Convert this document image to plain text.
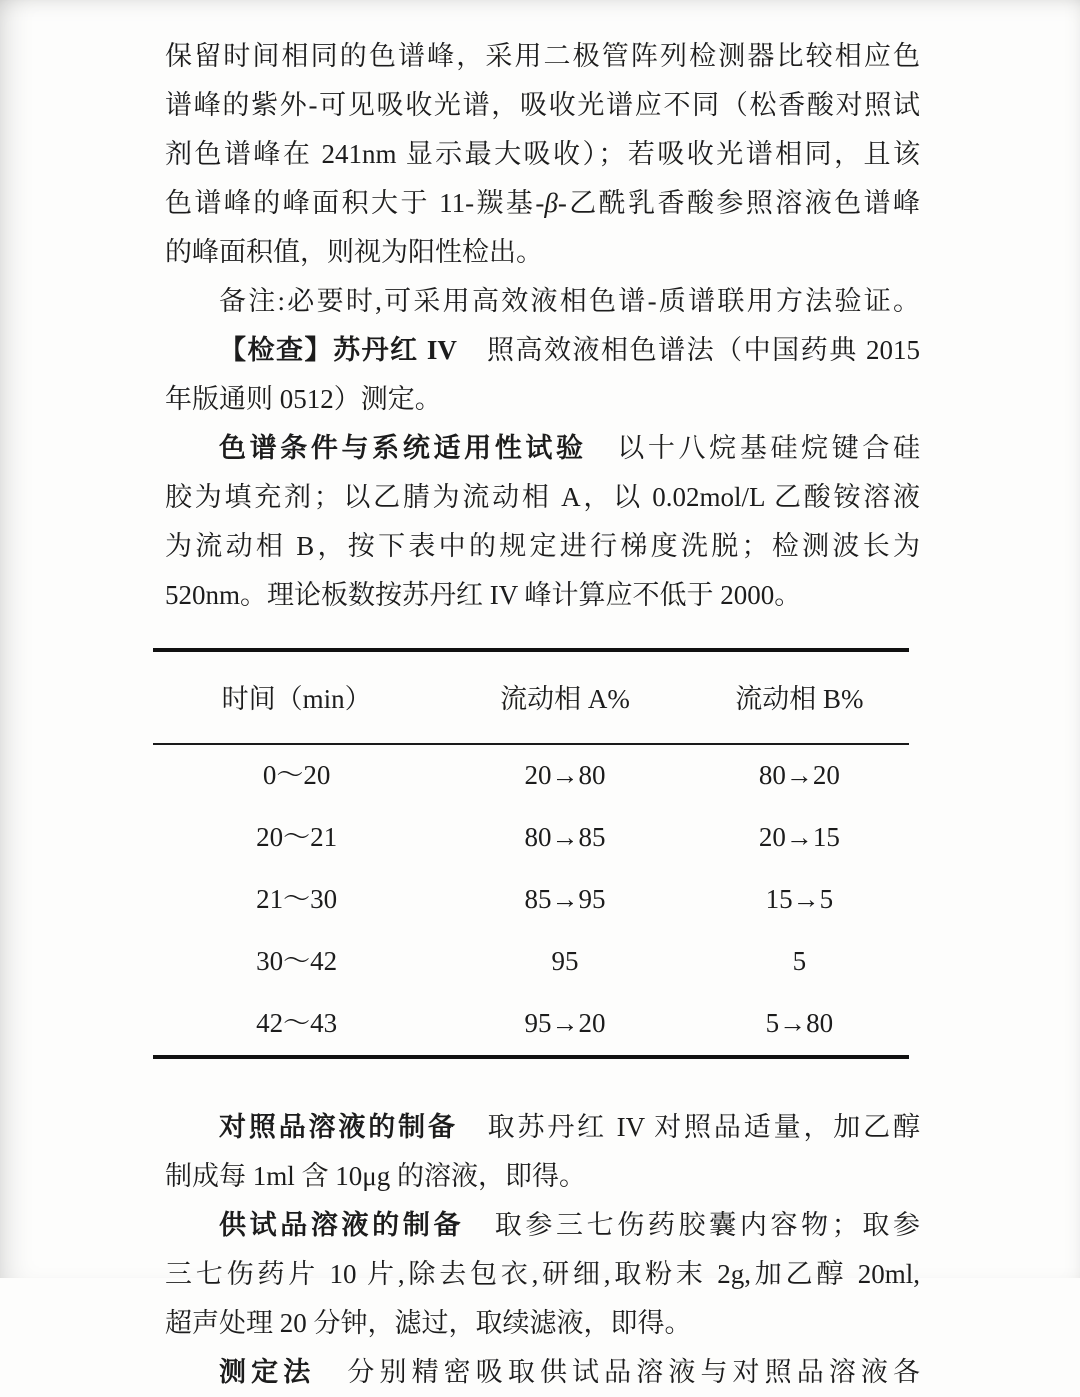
保留时间相同的色谱峰，采用二极管阵列检测器比较相应色
谱峰的紫外-可见吸收光谱，吸收光谱应不同（松香酸对照试
剂色谱峰在 241nm 显示最大吸收）；若吸收光谱相同，且该
色谱峰的峰面积大于 11-羰基-β-乙酰乳香酸参照溶液色谱峰
的峰面积值，则视为阳性检出。
备注:必要时,可采用高效液相色谱-质谱联用方法验证。
【检查】苏丹红 IV　照高效液相色谱法（中国药典 2015
年版通则 0512）测定。
色谱条件与系统适用性试验　以十八烷基硅烷键合硅
胶为填充剂；以乙腈为流动相 A，以 0.02mol/L 乙酸铵溶液
为流动相 B，按下表中的规定进行梯度洗脱；检测波长为
520nm。理论板数按苏丹红 IV 峰计算应不低于 2000。
时间（min）	流动相 A%	流动相 B%
0～20	20→80	80→20
20～21	80→85	20→15
21～30	85→95	15→5
30～42	95	5
42～43	95→20	5→80
对照品溶液的制备　取苏丹红 IV 对照品适量，加乙醇
制成每 1ml 含 10μg 的溶液，即得。
供试品溶液的制备　取参三七伤药胶囊内容物；取参
三七伤药片 10 片,除去包衣,研细,取粉末 2g,加乙醇 20ml,
超声处理 20 分钟，滤过，取续滤液，即得。
测定法　分别精密吸取供试品溶液与对照品溶液各
